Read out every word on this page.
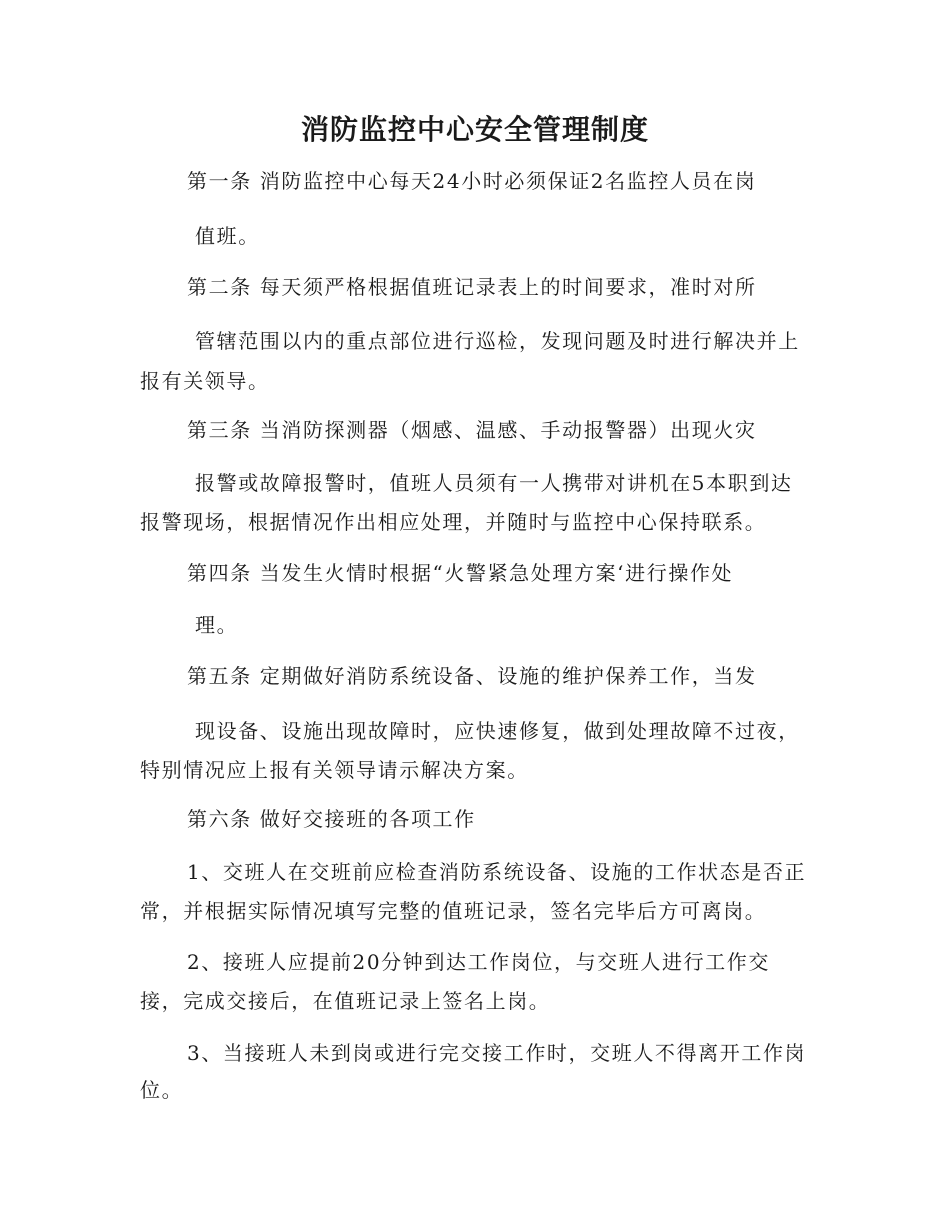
消防监控中心安全管理制度
第一条 消防监控中心每天24小时必须保证2名监控人员在岗
值班。
第二条 每天须严格根据值班记录表上的时间要求，准时对所
管辖范围以内的重点部位进行巡检，发现问题及时进行解决并上
报有关领导。
第三条 当消防探测器（烟感、温感、手动报警器）出现火灾
报警或故障报警时，值班人员须有一人携带对讲机在5本职到达
报警现场，根据情况作出相应处理，并随时与监控中心保持联系。
第四条 当发生火情时根据“火警紧急处理方案‘进行操作处
理。
第五条 定期做好消防系统设备、设施的维护保养工作，当发
现设备、设施出现故障时，应快速修复，做到处理故障不过夜，
特别情况应上报有关领导请示解决方案。
第六条 做好交接班的各项工作
1、交班人在交班前应检查消防系统设备、设施的工作状态是否正
常，并根据实际情况填写完整的值班记录，签名完毕后方可离岗。
2、接班人应提前20分钟到达工作岗位，与交班人进行工作交
接，完成交接后，在值班记录上签名上岗。
3、当接班人未到岗或进行完交接工作时，交班人不得离开工作岗
位。
